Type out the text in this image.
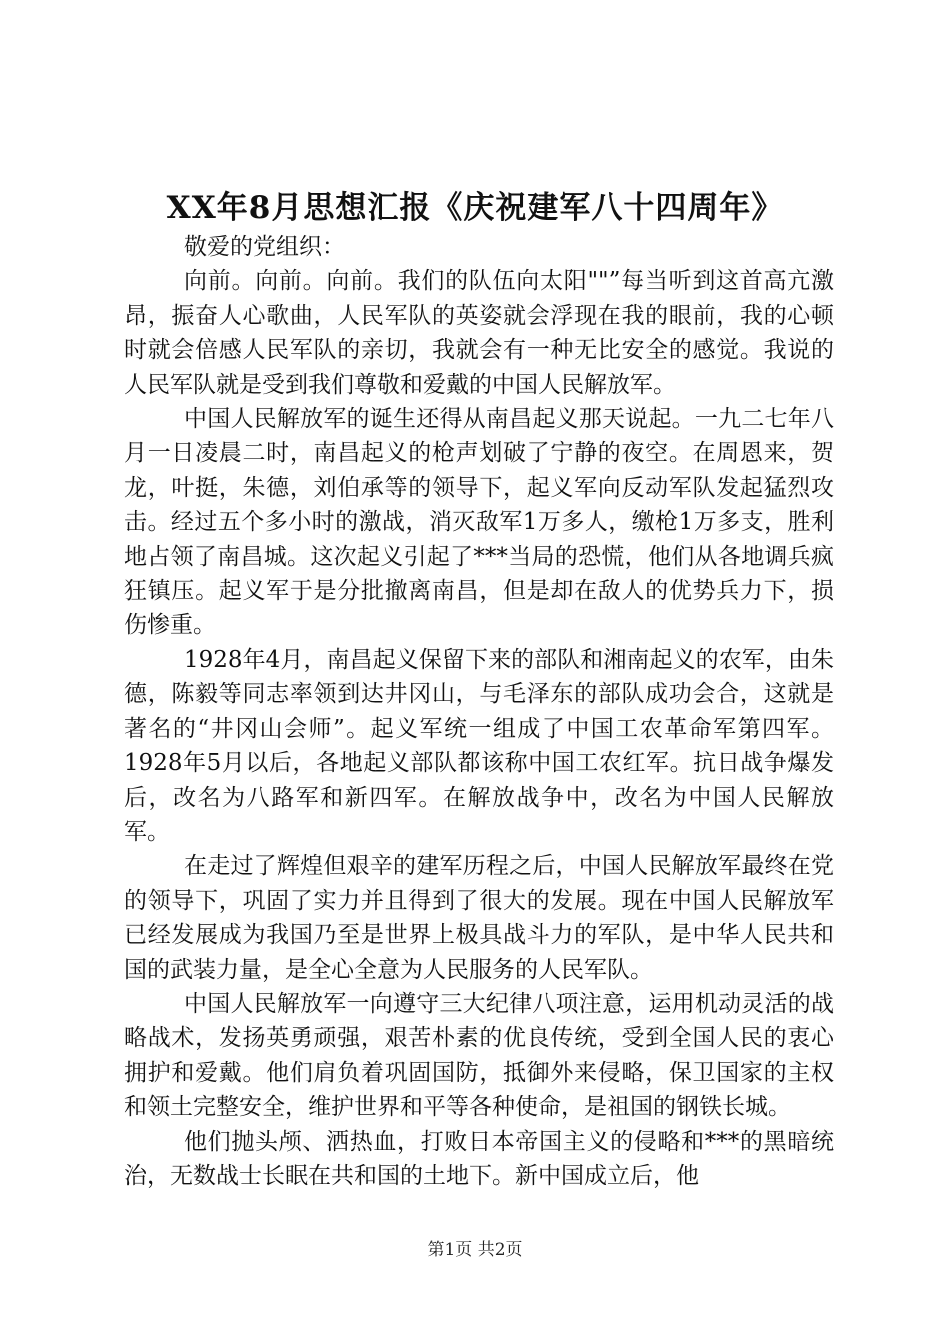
XX年8月思想汇报《庆祝建军八十四周年》

敬爱的党组织：

向前。向前。向前。我们的队伍向太阳""”每当听到这首高亢激昂，振奋人心歌曲，人民军队的英姿就会浮现在我的眼前，我的心顿时就会倍感人民军队的亲切，我就会有一种无比安全的感觉。我说的人民军队就是受到我们尊敬和爱戴的中国人民解放军。

中国人民解放军的诞生还得从南昌起义那天说起。一九二七年八月一日凌晨二时，南昌起义的枪声划破了宁静的夜空。在周恩来，贺龙，叶挺，朱德，刘伯承等的领导下，起义军向反动军队发起猛烈攻击。经过五个多小时的激战，消灭敌军1万多人，缴枪1万多支，胜利地占领了南昌城。这次起义引起了***当局的恐慌，他们从各地调兵疯狂镇压。起义军于是分批撤离南昌，但是却在敌人的优势兵力下，损伤惨重。

1928年4月，南昌起义保留下来的部队和湘南起义的农军，由朱德，陈毅等同志率领到达井冈山，与毛泽东的部队成功会合，这就是著名的“井冈山会师”。起义军统一组成了中国工农革命军第四军。1928年5月以后，各地起义部队都该称中国工农红军。抗日战争爆发后，改名为八路军和新四军。在解放战争中，改名为中国人民解放军。

在走过了辉煌但艰辛的建军历程之后，中国人民解放军最终在党的领导下，巩固了实力并且得到了很大的发展。现在中国人民解放军已经发展成为我国乃至是世界上极具战斗力的军队，是中华人民共和国的武装力量，是全心全意为人民服务的人民军队。

中国人民解放军一向遵守三大纪律八项注意，运用机动灵活的战略战术，发扬英勇顽强，艰苦朴素的优良传统，受到全国人民的衷心拥护和爱戴。他们肩负着巩固国防，抵御外来侵略，保卫国家的主权和领土完整安全，维护世界和平等各种使命，是祖国的钢铁长城。

他们抛头颅、洒热血，打败日本帝国主义的侵略和***的黑暗统治，无数战士长眠在共和国的土地下。新中国成立后，他

第1页 共2页
